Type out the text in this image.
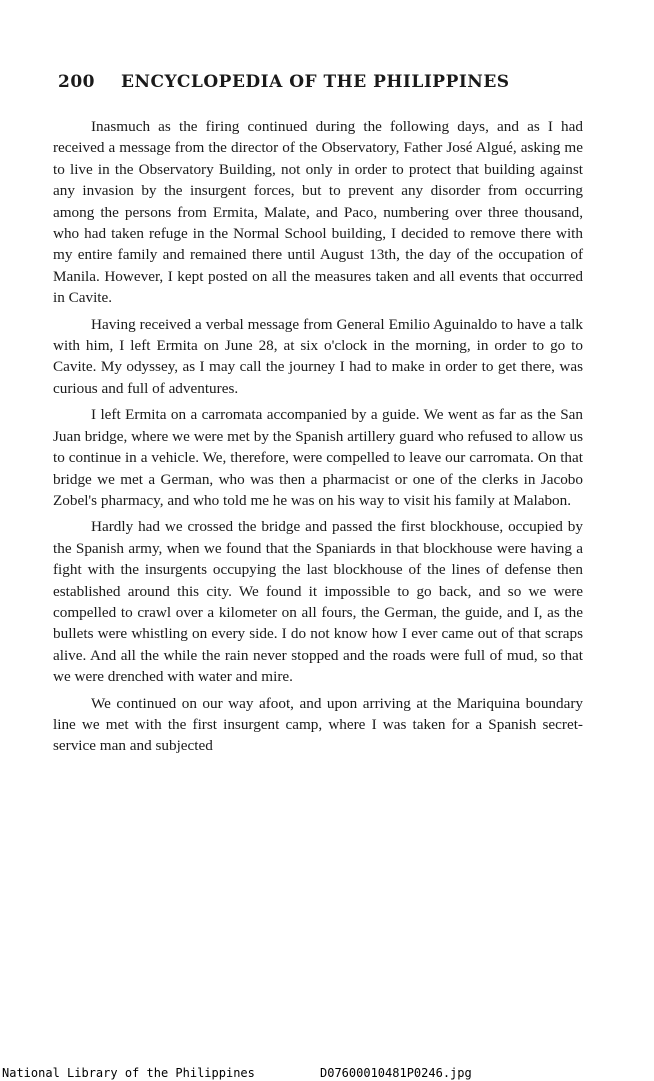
200 ENCYCLOPEDIA OF THE PHILIPPINES

Inasmuch as the firing continued during the following days, and as I had received a message from the director of the Observatory, Father José Algué, asking me to live in the Observatory Building, not only in order to protect that building against any invasion by the insurgent forces, but to prevent any disorder from occurring among the persons from Ermita, Malate, and Paco, numbering over three thousand, who had taken refuge in the Normal School building, I decided to remove there with my entire family and remained there until August 13th, the day of the occupation of Manila. However, I kept posted on all the measures taken and all events that occurred in Cavite.

Having received a verbal message from General Emilio Aguinaldo to have a talk with him, I left Ermita on June 28, at six o'clock in the morning, in order to go to Cavite. My odyssey, as I may call the journey I had to make in order to get there, was curious and full of adventures.

I left Ermita on a carromata accompanied by a guide. We went as far as the San Juan bridge, where we were met by the Spanish artillery guard who refused to allow us to continue in a vehicle. We, therefore, were compelled to leave our carromata. On that bridge we met a German, who was then a pharmacist or one of the clerks in Jacobo Zobel's pharmacy, and who told me he was on his way to visit his family at Malabon.

Hardly had we crossed the bridge and passed the first blockhouse, occupied by the Spanish army, when we found that the Spaniards in that blockhouse were having a fight with the insurgents occupying the last blockhouse of the lines of defense then established around this city. We found it impossible to go back, and so we were compelled to crawl over a kilometer on all fours, the German, the guide, and I, as the bullets were whistling on every side. I do not know how I ever came out of that scraps alive. And all the while the rain never stopped and the roads were full of mud, so that we were drenched with water and mire.

We continued on our way afoot, and upon arriving at the Mariquina boundary line we met with the first insurgent camp, where I was taken for a Spanish secret-service man and subjected

National Library of the Philippines	D07600010481P0246.jpg
